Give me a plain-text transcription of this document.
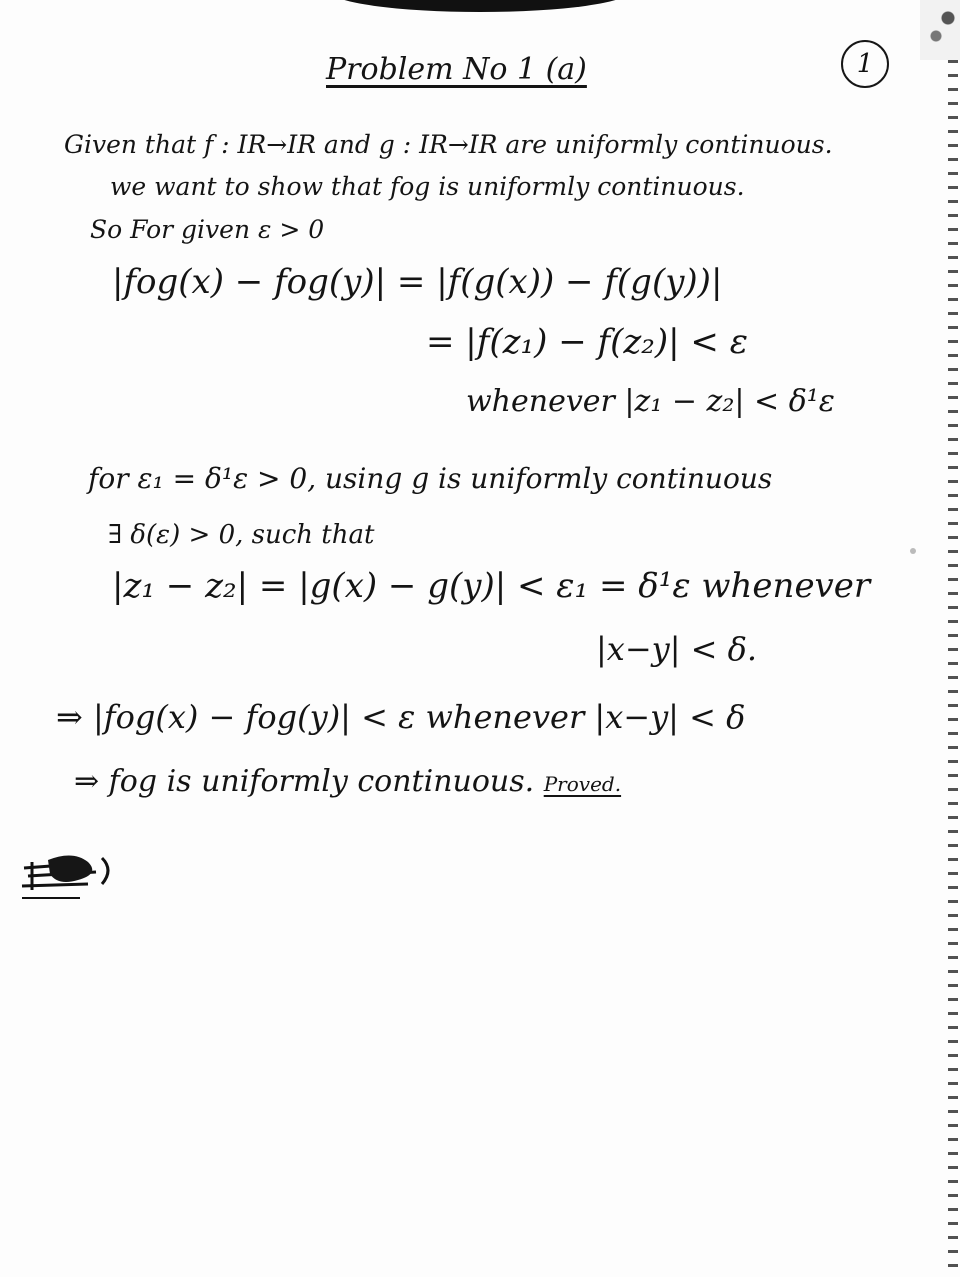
Problem No 1 (a)	1
Given that f : IR→IR and g : IR→IR are uniformly continuous.
we want to show that fog is uniformly continuous.
So For given ε > 0
|fog(x) − fog(y)| = |f(g(x)) − f(g(y))|
= |f(z₁) − f(z₂)| < ε
whenever |z₁ − z₂| < δ¹ε
for ε₁ = δ¹ε > 0, using g is uniformly continuous
∃ δ(ε) > 0, such that
|z₁ − z₂| = |g(x) − g(y)| < ε₁ = δ¹ε whenever
|x−y| < δ.
⇒ |fog(x) − fog(y)| < ε whenever |x−y| < δ
⇒ fog is uniformly continuous. Proved.
